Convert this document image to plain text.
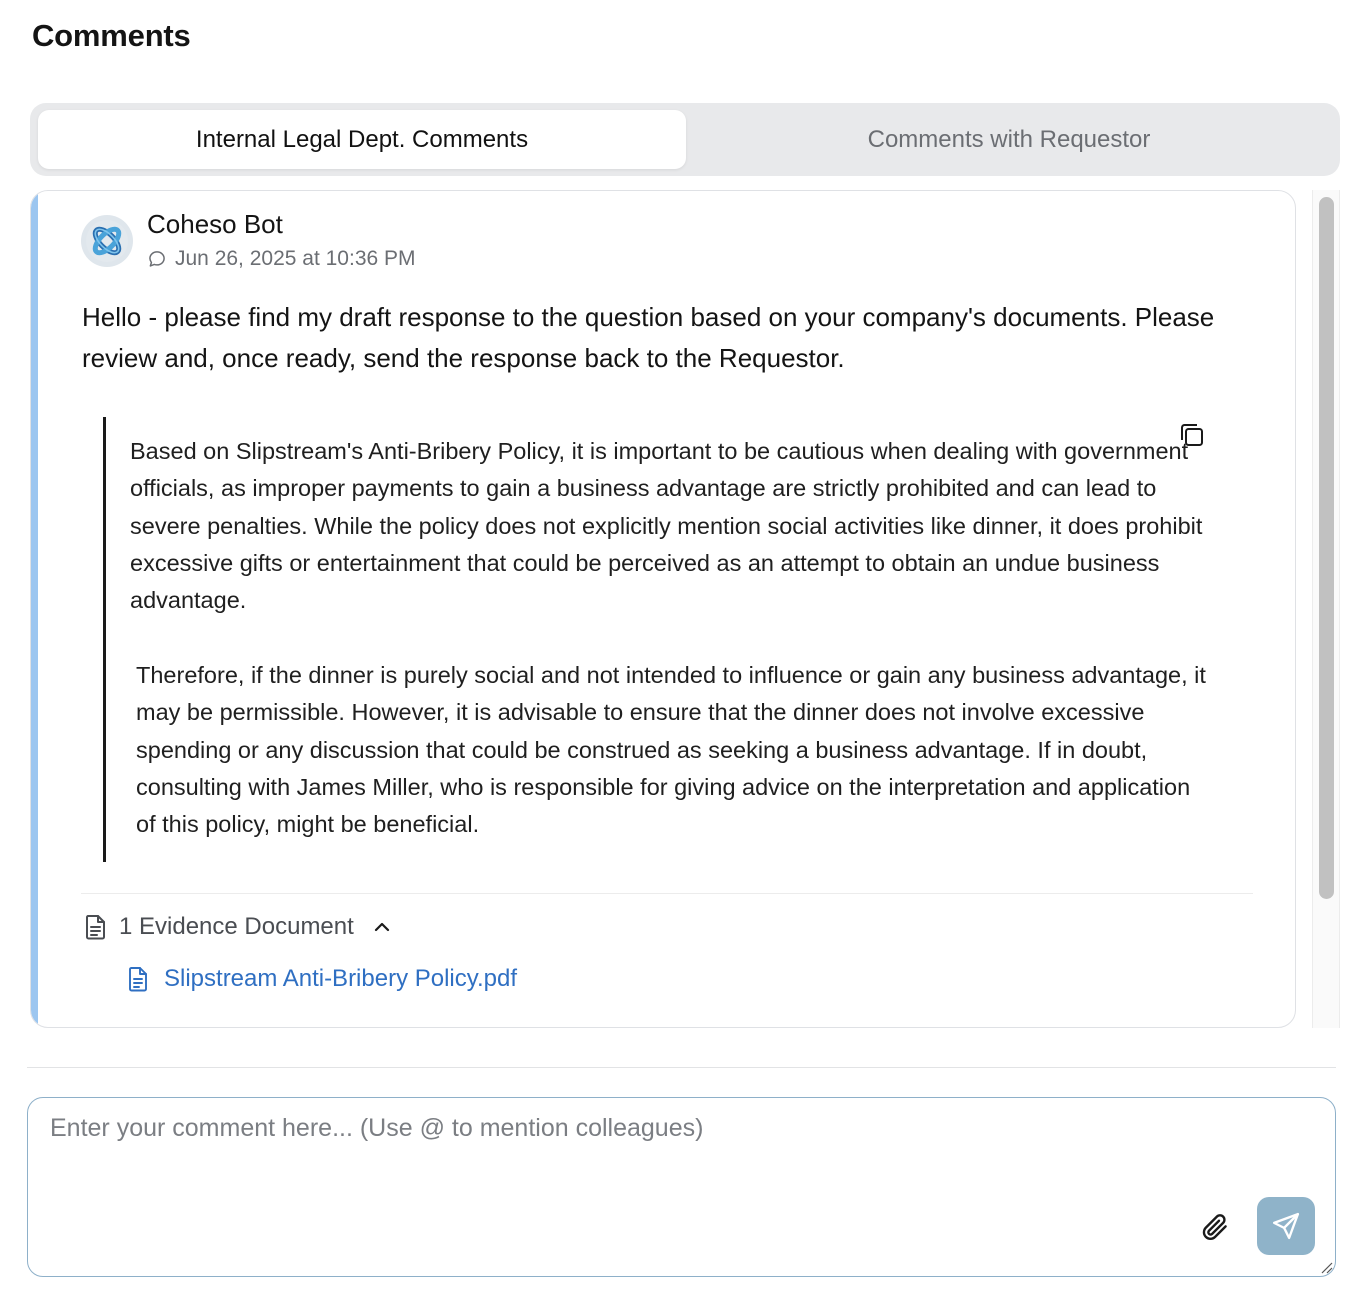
Comments
Internal Legal Dept. Comments	Comments with Requestor
Coheso Bot
Jun 26, 2025 at 10:36 PM
Hello - please find my draft response to the question based on your company's documents. Please review and, once ready, send the response back to the Requestor.

Based on Slipstream's Anti-Bribery Policy, it is important to be cautious when dealing with government officials, as improper payments to gain a business advantage are strictly prohibited and can lead to severe penalties. While the policy does not explicitly mention social activities like dinner, it does prohibit excessive gifts or entertainment that could be perceived as an attempt to obtain an undue business advantage.

Therefore, if the dinner is purely social and not intended to influence or gain any business advantage, it may be permissible. However, it is advisable to ensure that the dinner does not involve excessive spending or any discussion that could be construed as seeking a business advantage. If in doubt, consulting with James Miller, who is responsible for giving advice on the interpretation and application of this policy, might be beneficial.

1 Evidence Document
Slipstream Anti-Bribery Policy.pdf
Enter your comment here... (Use @ to mention colleagues)
